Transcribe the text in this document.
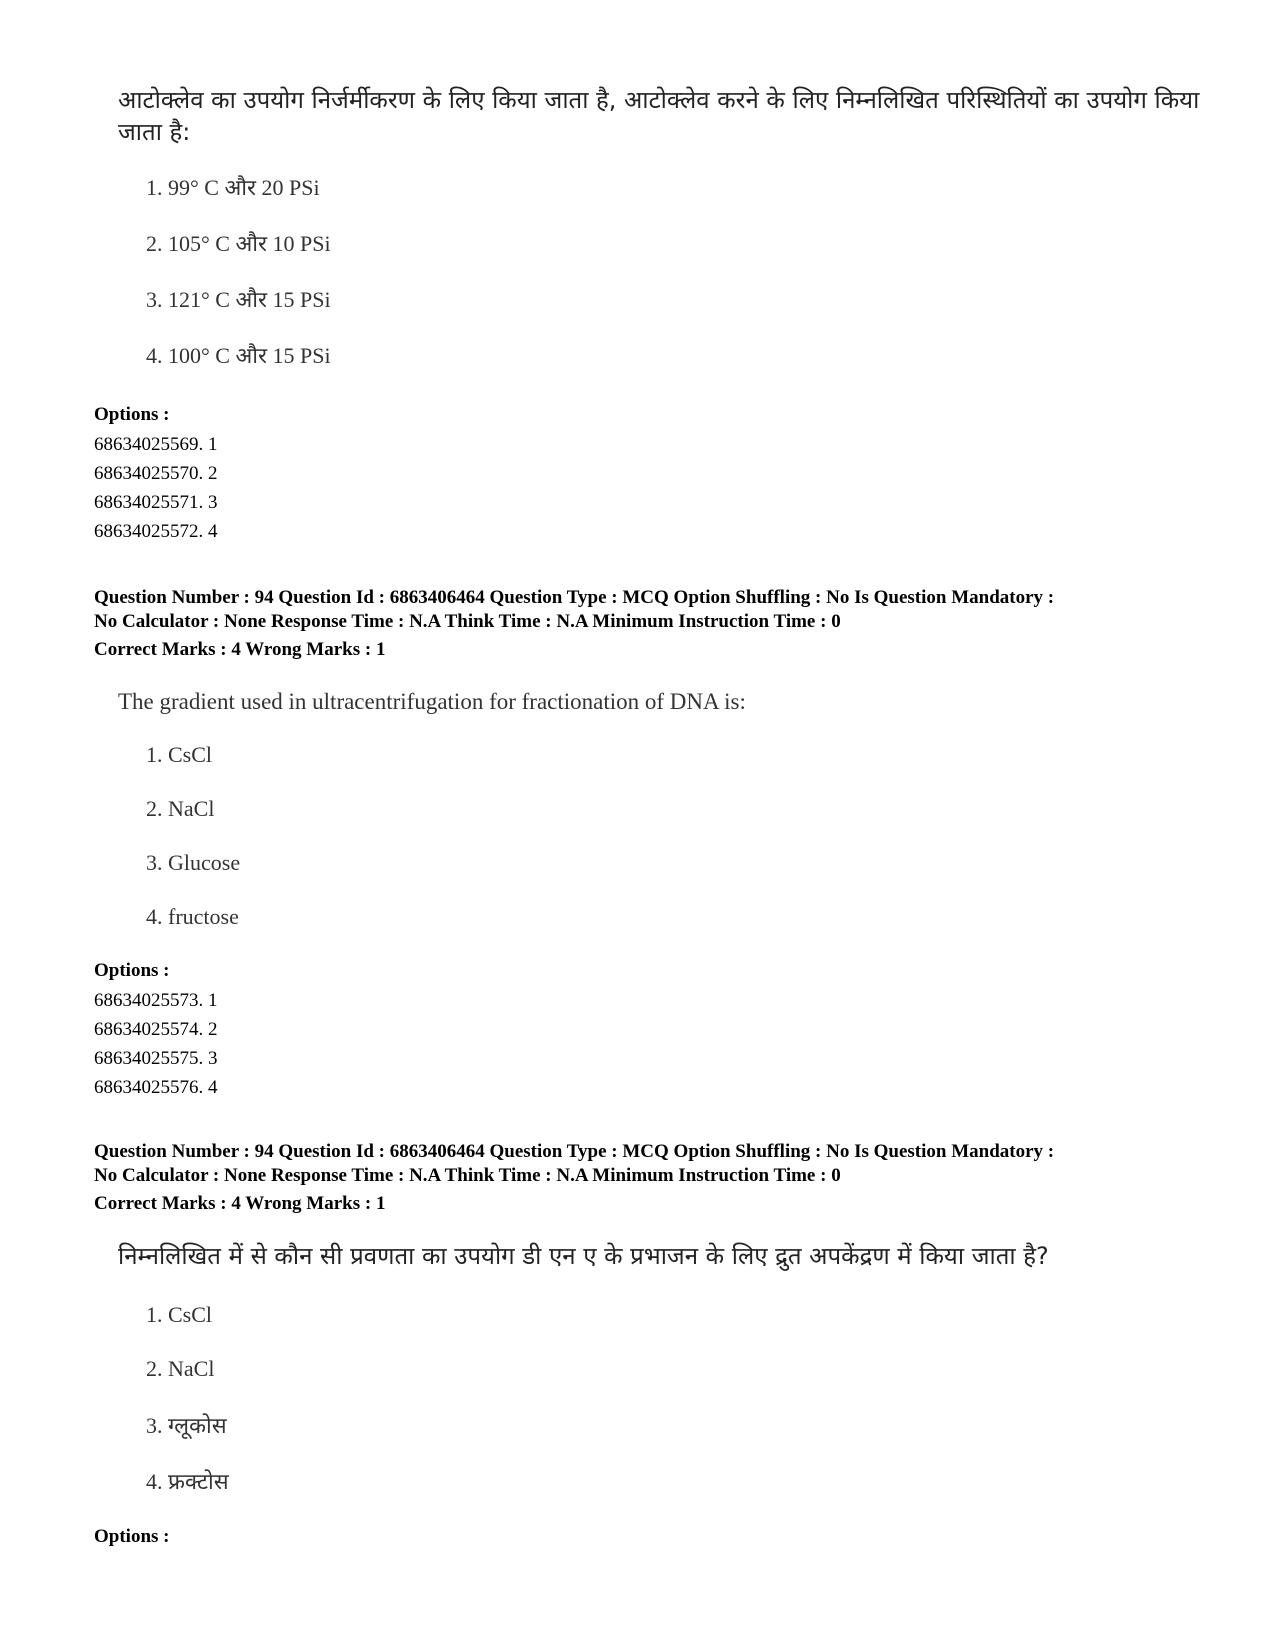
आटोक्लेव का उपयोग निर्जर्मीकरण के लिए किया जाता है, आटोक्लेव करने के लिए निम्नलिखित परिस्थितियों का उपयोग किया जाता है:
1. 99° C और 20 PSi
2. 105° C और 10 PSi
3. 121° C और 15 PSi
4. 100° C और 15 PSi
Options :
68634025569. 1
68634025570. 2
68634025571. 3
68634025572. 4
Question Number : 94 Question Id : 6863406464 Question Type : MCQ Option Shuffling : No Is Question Mandatory :
No Calculator : None Response Time : N.A Think Time : N.A Minimum Instruction Time : 0
Correct Marks : 4 Wrong Marks : 1
The gradient used in ultracentrifugation for fractionation of DNA is:
1. CsCl
2. NaCl
3. Glucose
4. fructose
Options :
68634025573. 1
68634025574. 2
68634025575. 3
68634025576. 4
Question Number : 94 Question Id : 6863406464 Question Type : MCQ Option Shuffling : No Is Question Mandatory :
No Calculator : None Response Time : N.A Think Time : N.A Minimum Instruction Time : 0
Correct Marks : 4 Wrong Marks : 1
निम्नलिखित में से कौन सी प्रवणता का उपयोग डी एन ए के प्रभाजन के लिए द्रुत अपकेंद्रण में किया जाता है?
1. CsCl
2. NaCl
3. ग्लूकोस
4. फ्रक्टोस
Options :
